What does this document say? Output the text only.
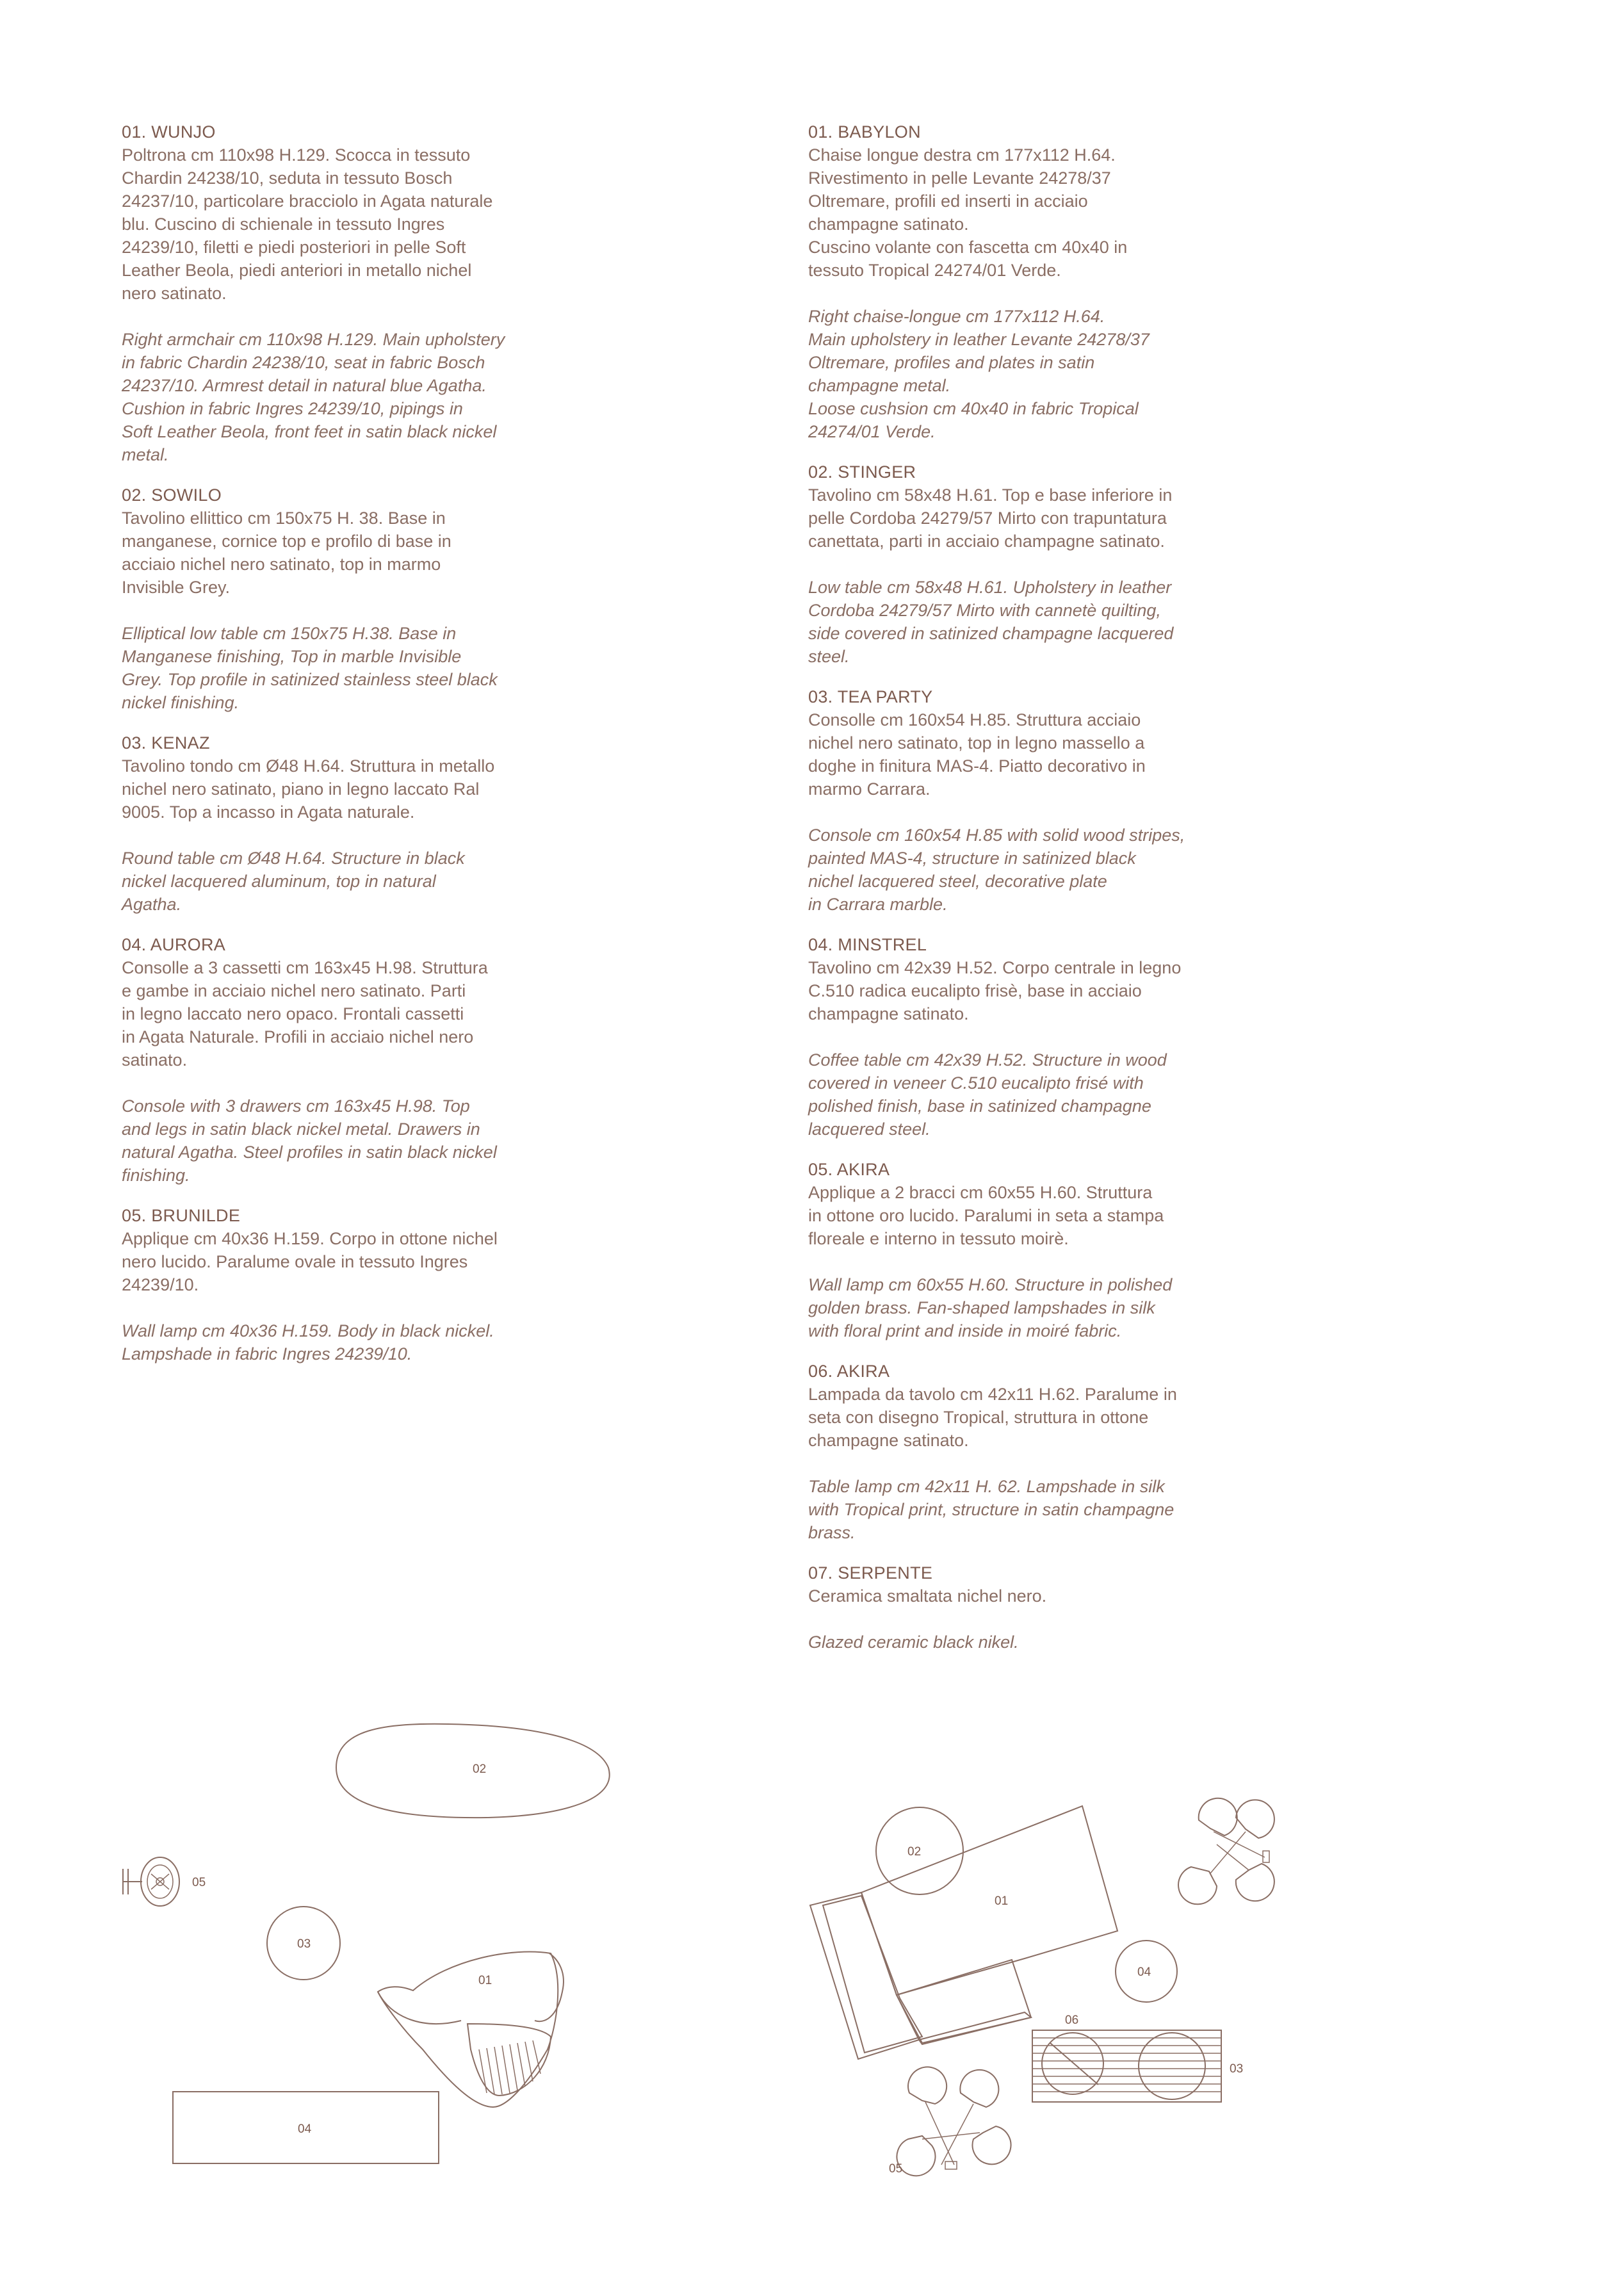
01. WUNJO

Poltrona cm 110x98 H.129. Scocca in tessuto
Chardin 24238/10, seduta in tessuto Bosch
24237/10, particolare bracciolo in Agata naturale
blu. Cuscino di schienale in tessuto Ingres
24239/10, filetti e piedi posteriori in pelle Soft
Leather Beola, piedi anteriori in metallo nichel
nero satinato.

Right armchair cm 110x98 H.129. Main upholstery
in fabric Chardin 24238/10, seat in fabric Bosch
24237/10. Armrest detail in natural blue Agatha.
Cushion in fabric Ingres 24239/10, pipings in
Soft Leather Beola, front feet in satin black nickel
metal.

02. SOWILO

Tavolino ellittico cm 150x75 H. 38. Base in
manganese, cornice top e profilo di base in
acciaio nichel nero satinato, top in marmo
Invisible Grey.

Elliptical low table cm 150x75 H.38. Base in
Manganese finishing, Top in marble Invisible
Grey. Top profile in satinized stainless steel black
nickel finishing.

03. KENAZ

Tavolino tondo cm Ø48 H.64. Struttura in metallo
nichel nero satinato, piano in legno laccato Ral
9005. Top a incasso in Agata naturale.

Round table cm Ø48 H.64. Structure in black
nickel lacquered aluminum, top in natural
Agatha.

04. AURORA

Consolle a 3 cassetti cm 163x45 H.98. Struttura
e gambe in acciaio nichel nero satinato. Parti
in legno laccato nero opaco. Frontali cassetti
in Agata Naturale. Profili in acciaio nichel nero
satinato.

Console with 3 drawers cm 163x45 H.98. Top
and legs in satin black nickel metal. Drawers in
natural Agatha. Steel profiles in satin black nickel
finishing.

05. BRUNILDE

Applique cm 40x36 H.159. Corpo in ottone nichel
nero lucido. Paralume ovale in tessuto Ingres
24239/10.

Wall lamp cm 40x36 H.159. Body in black nickel.
Lampshade in fabric Ingres 24239/10.

01. BABYLON

Chaise longue destra cm 177x112 H.64.
Rivestimento in pelle Levante 24278/37
Oltremare, profili ed inserti in acciaio
champagne satinato.
Cuscino volante con fascetta cm 40x40 in
tessuto Tropical 24274/01 Verde.

Right chaise-longue cm 177x112 H.64.
Main upholstery in leather Levante 24278/37
Oltremare, profiles and plates in satin
champagne metal.
Loose cushsion cm 40x40 in fabric Tropical
24274/01 Verde.

02. STINGER

Tavolino cm 58x48 H.61. Top e base inferiore in
pelle Cordoba 24279/57 Mirto con trapuntatura
canettata, parti in acciaio champagne satinato.

Low table cm 58x48 H.61. Upholstery in leather
Cordoba 24279/57 Mirto with cannetè quilting,
side covered in satinized champagne lacquered
steel.

03. TEA PARTY

Consolle cm 160x54 H.85. Struttura acciaio
nichel nero satinato, top in legno massello a
doghe in finitura MAS-4. Piatto decorativo in
marmo Carrara.

Console cm 160x54 H.85 with solid wood stripes,
painted MAS-4, structure in satinized black
nichel lacquered steel, decorative plate
in Carrara marble.

04. MINSTREL

Tavolino cm 42x39 H.52. Corpo centrale in legno
C.510 radica eucalipto frisè, base in acciaio
champagne satinato.

Coffee table cm 42x39 H.52. Structure in wood
covered in veneer C.510 eucalipto frisé with
polished finish, base in satinized champagne
lacquered steel.

05. AKIRA

Applique a 2 bracci cm 60x55 H.60. Struttura
in ottone oro lucido. Paralumi in seta a stampa
floreale e interno in tessuto moirè.

Wall lamp cm 60x55 H.60. Structure in polished
golden brass. Fan-shaped lampshades in silk
with floral print and inside in moiré fabric.

06. AKIRA

Lampada da tavolo cm 42x11 H.62. Paralume in
seta con disegno Tropical, struttura in ottone
champagne satinato.

Table lamp cm 42x11 H. 62. Lampshade in silk
with Tropical print, structure in satin champagne
brass.

07. SERPENTE

Ceramica smaltata nichel nero.

Glazed ceramic black nikel.

02
05
03
01
04
02
01
04
06
03
05
